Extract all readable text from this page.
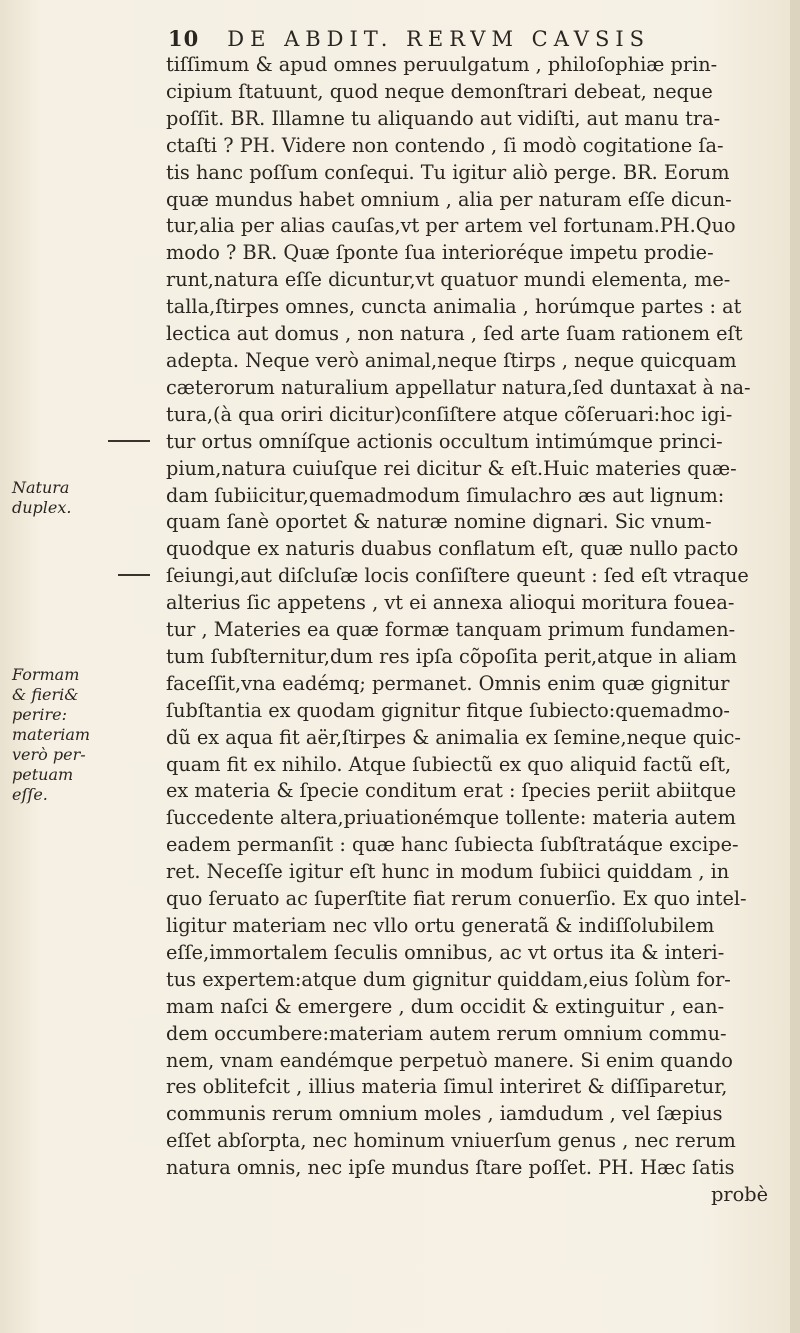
10 DE ABDIT. RERVM CAVSIS
tiſſimum & apud omnes peruulgatum , philoſophiæ prin-
cipium ſtatuunt, quod neque demonſtrari debeat, neque
poſſit. BR. Illamne tu aliquando aut vidiſti, aut manu tra-
ctaſti ? PH. Videre non contendo , ſi modò cogitatione ſa-
tis hanc poſſum conſequi. Tu igitur aliò perge. BR. Eorum
quæ mundus habet omnium , alia per naturam eſſe dicun-
tur,alia per alias cauſas,vt per artem vel fortunam.PH.Quo
modo ? BR. Quæ ſponte ſua interioréque impetu prodie-
runt,natura eſſe dicuntur,vt quatuor mundi elementa, me-
talla,ſtirpes omnes, cuncta animalia , horúmque partes : at
lectica aut domus , non natura , ſed arte ſuam rationem eſt
adepta. Neque verò animal,neque ſtirps , neque quicquam
cæterorum naturalium appellatur natura,ſed duntaxat à na-
tura,(à qua oriri dicitur)conſiſtere atque cõſeruari:hoc igi-
tur ortus omníſque actionis occultum intimúmque princi-
pium,natura cuiuſque rei dicitur & eſt.Huic materies quæ-
dam ſubiicitur,quemadmodum ſimulachro æs aut lignum:
quam ſanè oportet & naturæ nomine dignari. Sic vnum-
quodque ex naturis duabus conflatum eſt, quæ nullo pacto
ſeiungi,aut diſcluſæ locis conſiſtere queunt : ſed eſt vtraque
alterius ſic appetens , vt ei annexa alioqui moritura fouea-
tur , Materies ea quæ formæ tanquam primum fundamen-
tum ſubſternitur,dum res ipſa cõpoſita perit,atque in aliam
faceſſit,vna eadémq; permanet. Omnis enim quæ gignitur
ſubſtantia ex quodam gignitur fitque ſubiecto:quemadmo-
dũ ex aqua fit aër,ſtirpes & animalia ex ſemine,neque quic-
quam fit ex nihilo. Atque ſubiectũ ex quo aliquid factũ eſt,
ex materia & ſpecie conditum erat : ſpecies periit abiitque
ſuccedente altera,priuationémque tollente: materia autem
eadem permanſit : quæ hanc ſubiecta ſubſtratáque excipe-
ret. Neceſſe igitur eſt hunc in modum ſubiici quiddam , in
quo ſeruato ac ſuperſtite fiat rerum conuerſio. Ex quo intel-
ligitur materiam nec vllo ortu generatã & indiſſolubilem
eſſe,immortalem ſeculis omnibus, ac vt ortus ita & interi-
tus expertem:atque dum gignitur quiddam,eius ſolùm for-
mam naſci & emergere , dum occidit & extinguitur , ean-
dem occumbere:materiam autem rerum omnium commu-
nem, vnam eandémque perpetuò manere. Si enim quando
res oblitefcit , illius materia ſimul interiret & diſſiparetur,
communis rerum omnium moles , iamdudum , vel ſæpius
eſſet abſorpta, nec hominum vniuerſum genus , nec rerum
natura omnis, nec ipſe mundus ſtare poſſet. PH. Hæc ſatis
probè
Natura
duplex.
Formam
& fieri&
perire:
materiam
verò per-
petuam
eſſe.
